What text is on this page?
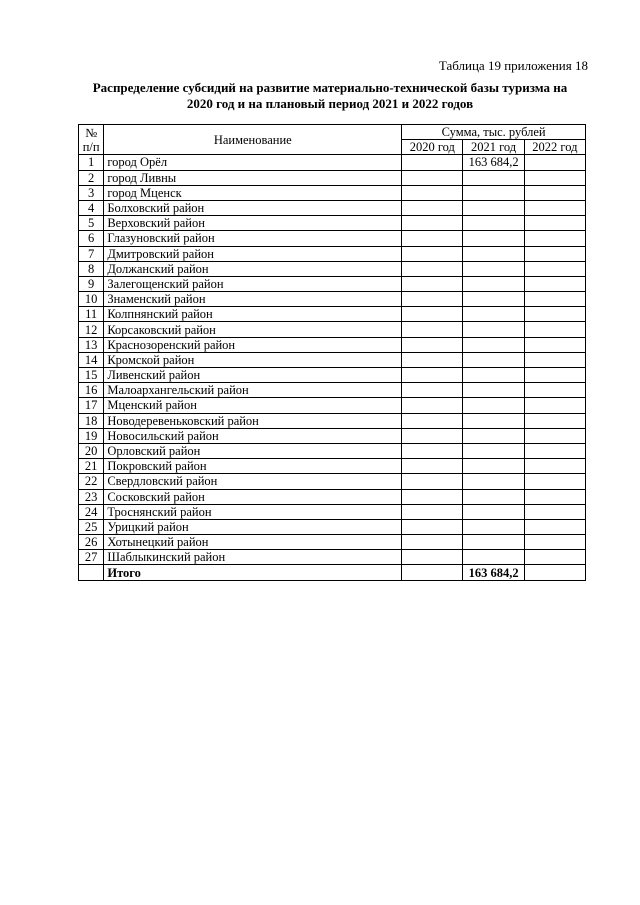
Таблица 19 приложения 18
Распределение субсидий на развитие материально-технической базы туризма на
2020 год и на плановый период 2021 и 2022 годов
№
п/п	Наименование	Сумма, тыс. рублей		
		2020 год	2021 год	2022 год
1	город Орёл		163 684,2	
2	город Ливны			
3	город Мценск			
4	Болховский район			
5	Верховский район			
6	Глазуновский район			
7	Дмитровский район			
8	Должанский район			
9	Залегощенский район			
10	Знаменский район			
11	Колпнянский район			
12	Корсаковский район			
13	Краснозоренский район			
14	Кромской район			
15	Ливенский район			
16	Малоархангельский район			
17	Мценский район			
18	Новодеревеньковский район			
19	Новосильский район			
20	Орловский район			
21	Покровский район			
22	Свердловский район			
23	Сосковский район			
24	Троснянский район			
25	Урицкий район			
26	Хотынецкий район			
27	Шаблыкинский район			
	Итого		163 684,2	
